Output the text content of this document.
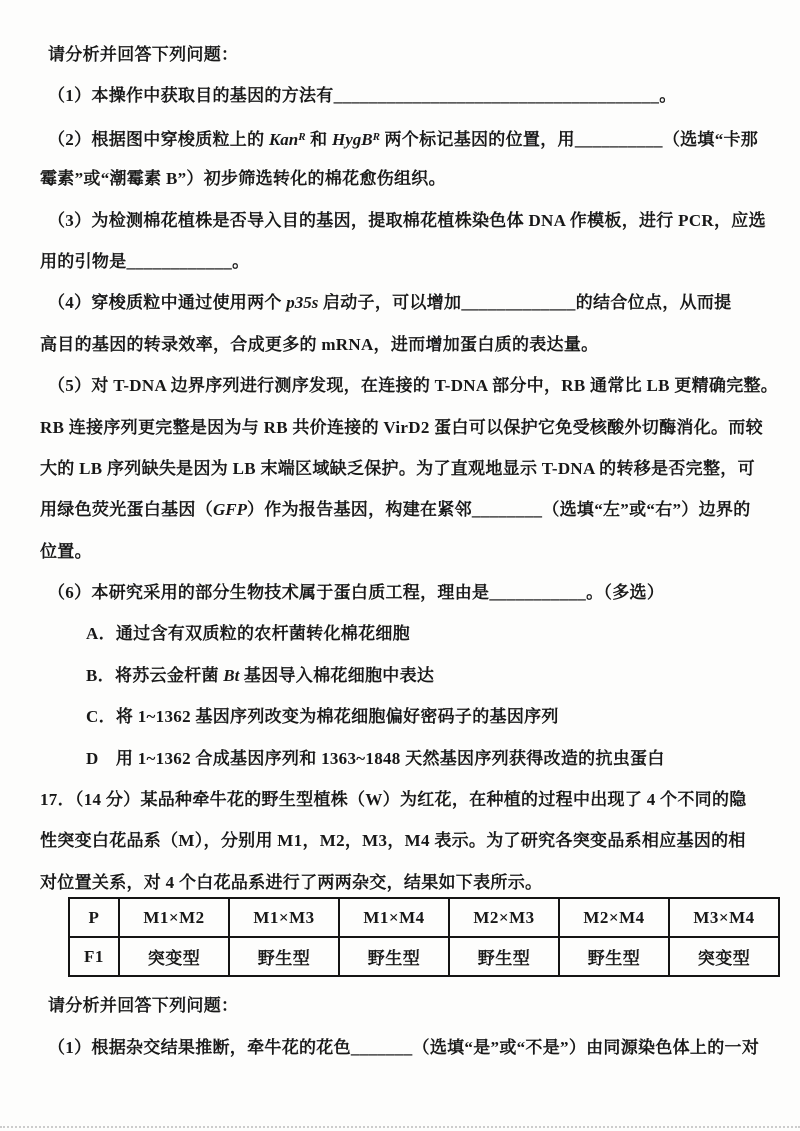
请分析并回答下列问题：
（1）本操作中获取目的基因的方法有_____________________________________。
（2）根据图中穿梭质粒上的 Kan$^R$ 和 HygB$^R$ 两个标记基因的位置，用__________（选填“卡那
霉素”或“潮霉素 B”）初步筛选转化的棉花愈伤组织。
（3）为检测棉花植株是否导入目的基因，提取棉花植株染色体 DNA 作模板，进行 PCR，应选
用的引物是____________。
（4）穿梭质粒中通过使用两个 p35s 启动子，可以增加_____________的结合位点，从而提
高目的基因的转录效率，合成更多的 mRNA，进而增加蛋白质的表达量。
（5）对 T-DNA 边界序列进行测序发现，在连接的 T-DNA 部分中，RB 通常比 LB 更精确完整。
RB 连接序列更完整是因为与 RB 共价连接的 VirD2 蛋白可以保护它免受核酸外切酶消化。而较
大的 LB 序列缺失是因为 LB 末端区域缺乏保护。为了直观地显示 T-DNA 的转移是否完整，可
用绿色荧光蛋白基因（GFP）作为报告基因，构建在紧邻________（选填“左”或“右”）边界的
位置。
（6）本研究采用的部分生物技术属于蛋白质工程，理由是___________。（多选）
A．通过含有双质粒的农杆菌转化棉花细胞
B．将苏云金杆菌 Bt 基因导入棉花细胞中表达
C．将 1~1362 基因序列改变为棉花细胞偏好密码子的基因序列
D　用 1~1362 合成基因序列和 1363~1848 天然基因序列获得改造的抗虫蛋白
17．（14 分）某品种牵牛花的野生型植株（W）为红花，在种植的过程中出现了 4 个不同的隐
性突变白花品系（M），分别用 M1，M2，M3，M4 表示。为了研究各突变品系相应基因的相
对位置关系，对 4 个白花品系进行了两两杂交，结果如下表所示。
P	M1×M2	M1×M3	M1×M4	M2×M3	M2×M4	M3×M4
F1	突变型	野生型	野生型	野生型	野生型	突变型
请分析并回答下列问题：
（1）根据杂交结果推断，牵牛花的花色_______（选填“是”或“不是”）由同源染色体上的一对
